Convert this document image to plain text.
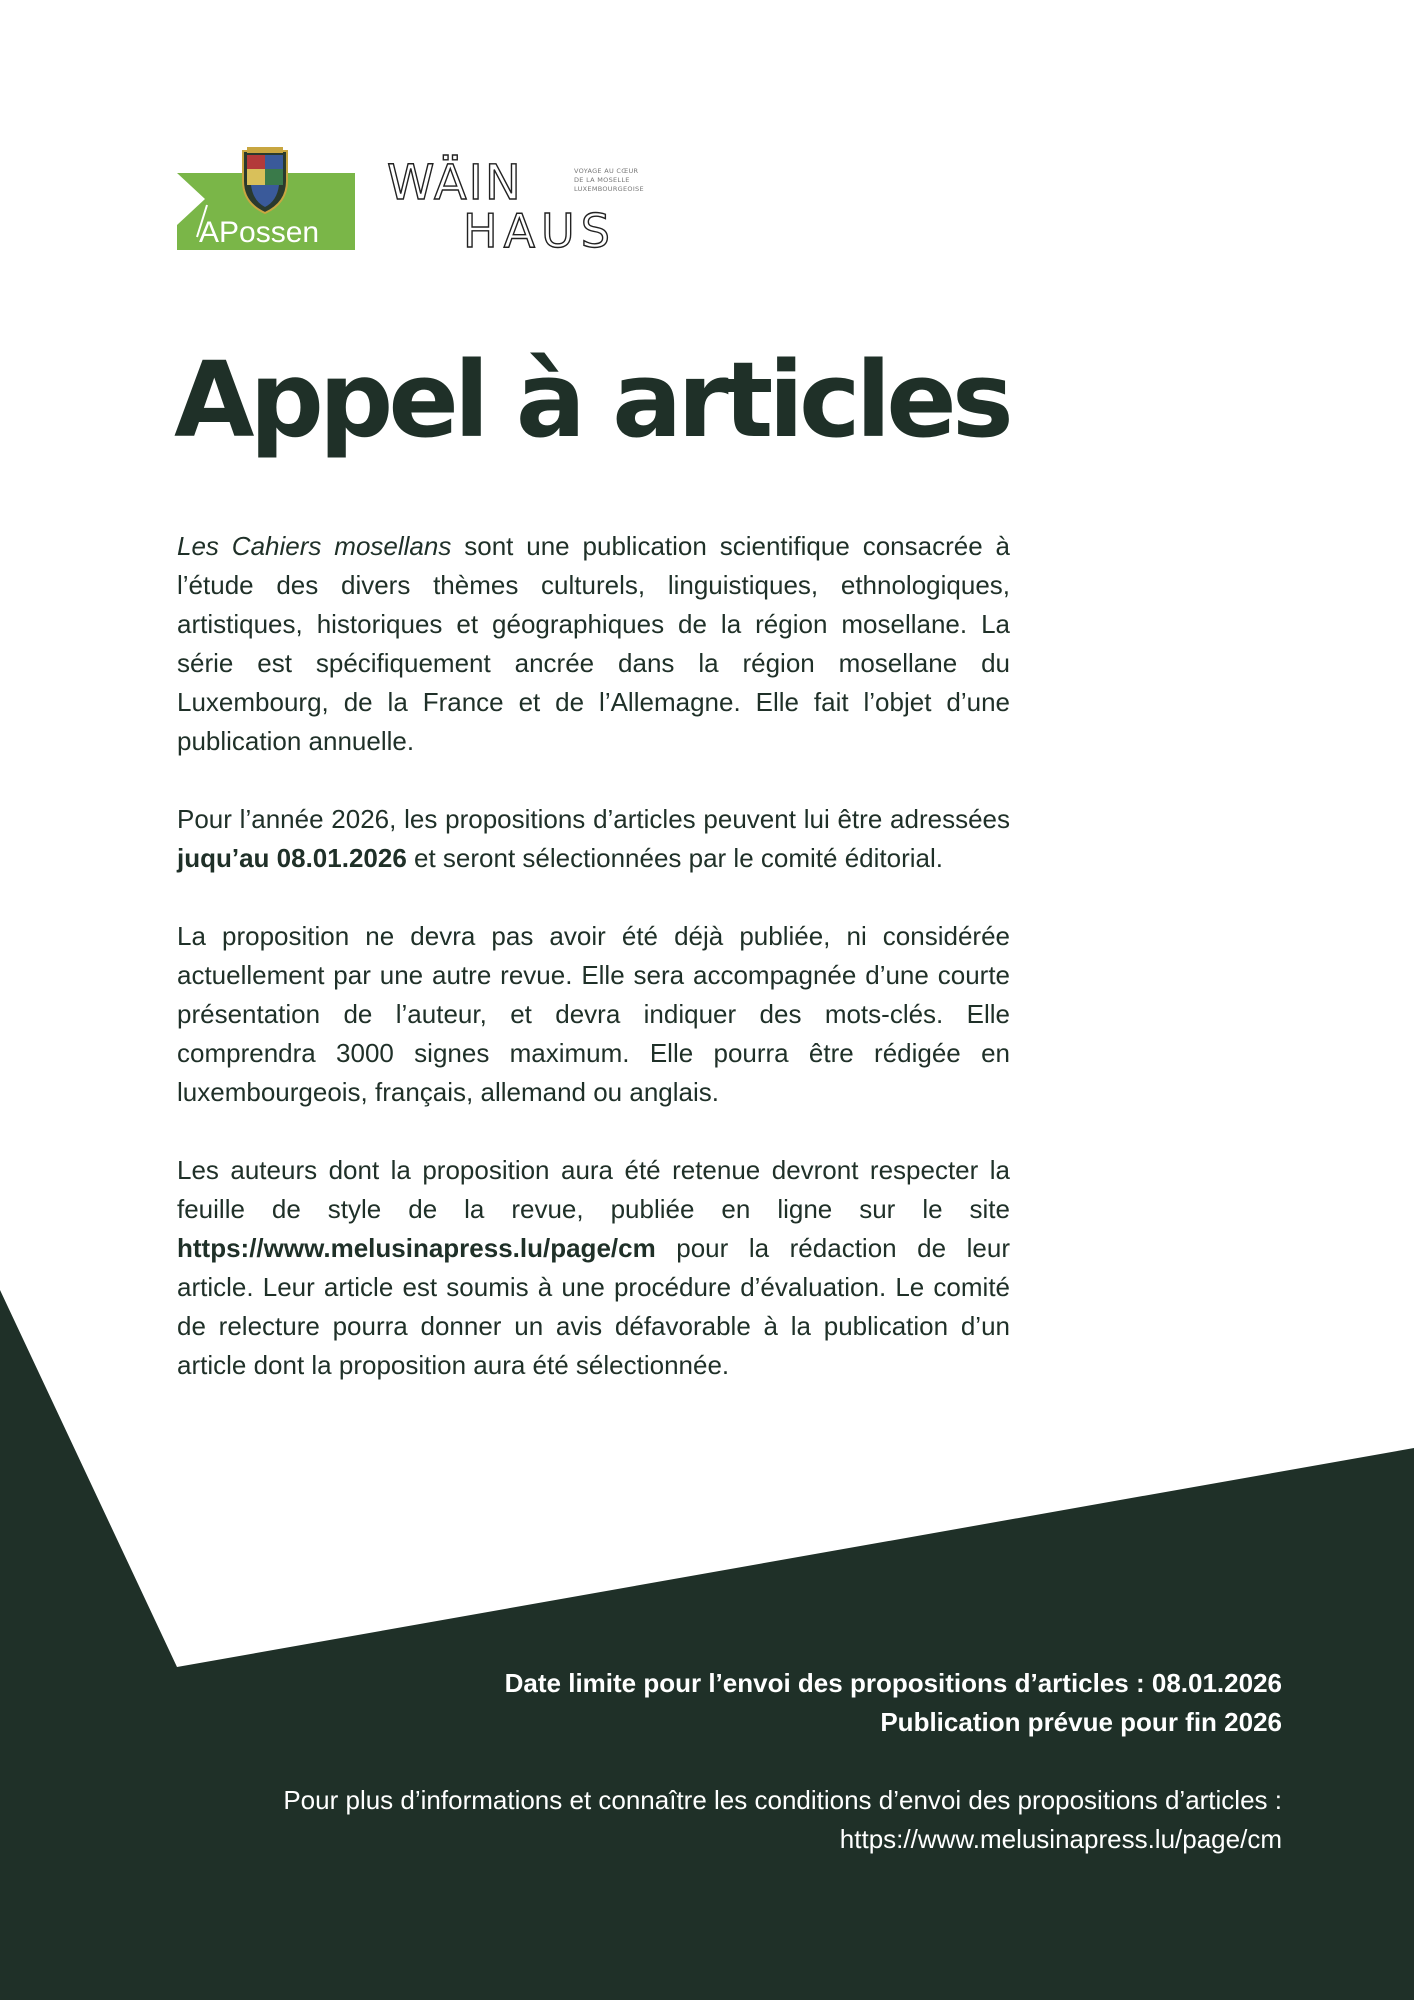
APossen
WÄIN
HAUS
VOYAGE AU CŒUR
DE LA MOSELLE
LUXEMBOURGEOISE
Appel à articles

Les Cahiers mosellans sont une publication scientifique consacrée à l’étude des divers thèmes culturels, linguistiques, ethnologiques, artistiques, historiques et géographiques de la région mosellane. La série est spécifiquement ancrée dans la région mosellane du Luxembourg, de la France et de l’Allemagne. Elle fait l’objet d’une publication annuelle.

Pour l’année 2026, les propositions d’articles peuvent lui être adressées juqu’au 08.01.2026 et seront sélectionnées par le comité éditorial.

La proposition ne devra pas avoir été déjà publiée, ni considérée actuellement par une autre revue. Elle sera accompagnée d’une courte présentation de l’auteur, et devra indiquer des mots-clés. Elle comprendra 3000 signes maximum. Elle pourra être rédigée en luxembourgeois, français, allemand ou anglais.

Les auteurs dont la proposition aura été retenue devront respecter la feuille de style de la revue, publiée en ligne sur le site https://www.melusinapress.lu/page/cm pour la rédaction de leur article. Leur article est soumis à une procédure d’évaluation. Le comité de relecture pourra donner un avis défavorable à la publication d’un article dont la proposition aura été sélectionnée.

Date limite pour l’envoi des propositions d’articles : 08.01.2026
Publication prévue pour fin 2026
Pour plus d’informations et connaître les conditions d’envoi des propositions d’articles :
https://www.melusinapress.lu/page/cm
